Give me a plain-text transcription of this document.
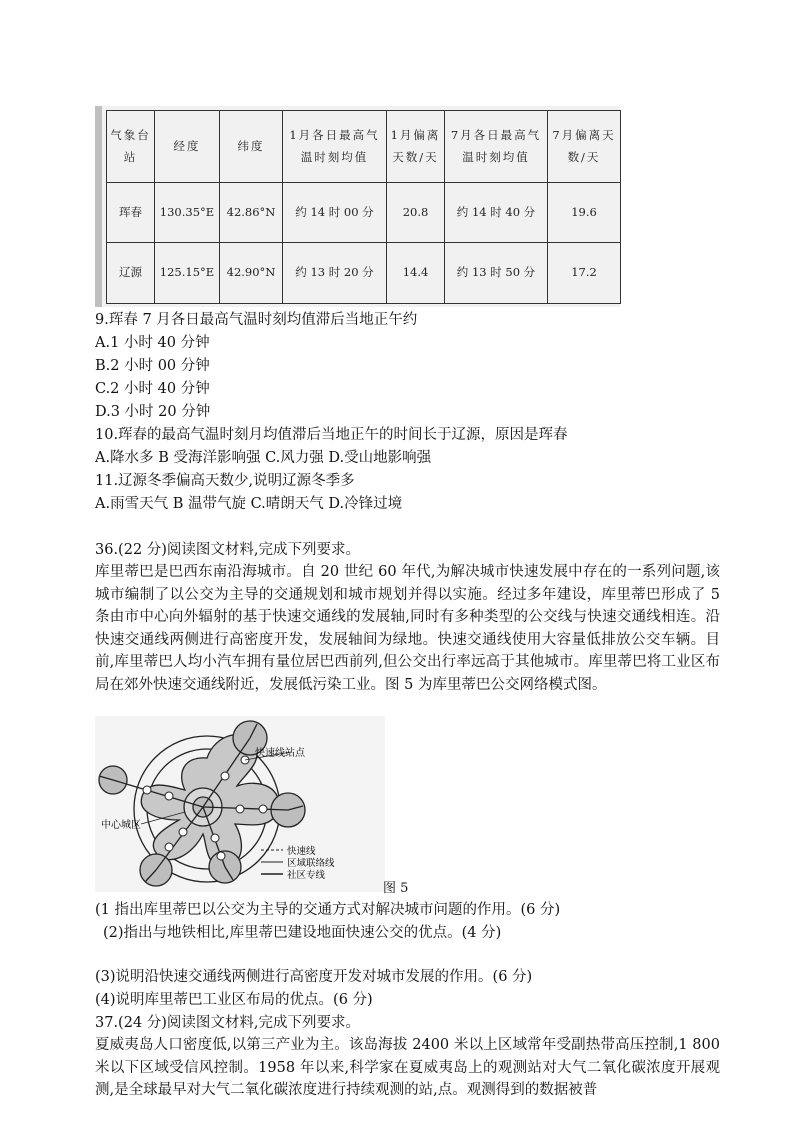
气象台站	经度	纬度	1月各日最高气温时刻均值	1月偏离天数/天	7月各日最高气温时刻均值	7月偏离天数/天
珲春	130.35°E	42.86°N	约 14 时 00 分	20.8	约 14 时 40 分	19.6
辽源	125.15°E	42.90°N	约 13 时 20 分	14.4	约 13 时 50 分	17.2
9.珲春 7 月各日最高气温时刻均值滞后当地正午约
A.1 小时 40 分钟
B.2 小时 00 分钟
C.2 小时 40 分钟
D.3 小时 20 分钟
10.珲春的最高气温时刻月均值滞后当地正午的时间长于辽源，原因是珲春
A.降水多 B 受海洋影响强 C.风力强 D.受山地影响强
11.辽源冬季偏高天数少,说明辽源冬季多
A.雨雪天气 B 温带气旋 C.晴朗天气 D.冷锋过境
36.(22 分)阅读图文材料,完成下列要求。
库里蒂巴是巴西东南沿海城市。自 20 世纪 60 年代,为解决城市快速发展中存在的一系列问题,该城市编制了以公交为主导的交通规划和城市规划并得以实施。经过多年建设，库里蒂巴形成了 5 条由市中心向外辐射的基于快速交通线的发展轴,同时有多种类型的公交线与快速交通线相连。沿快速交通线两侧进行高密度开发，发展轴间为绿地。快速交通线使用大容量低排放公交车辆。目前,库里蒂巴人均小汽车拥有量位居巴西前列,但公交出行率远高于其他城市。库里蒂巴将工业区布局在郊外快速交通线附近，发展低污染工业。图 5 为库里蒂巴公交网络模式图。
快速线站点
中心城区
快速线
区域联络线
社区专线
图 5
(1 指出库里蒂巴以公交为主导的交通方式对解决城市问题的作用。(6 分)
(2)指出与地铁相比,库里蒂巴建设地面快速公交的优点。(4 分)
(3)说明沿快速交通线两侧进行高密度开发对城市发展的作用。(6 分)
(4)说明库里蒂巴工业区布局的优点。(6 分)
37.(24 分)阅读图文材料,完成下列要求。
夏威夷岛人口密度低,以第三产业为主。该岛海拔 2400 米以上区域常年受副热带高压控制,1 800 米以下区域受信风控制。1958 年以来,科学家在夏威夷岛上的观测站对大气二氧化碳浓度开展观测,是全球最早对大气二氧化碳浓度进行持续观测的站,点。观测得到的数据被普
